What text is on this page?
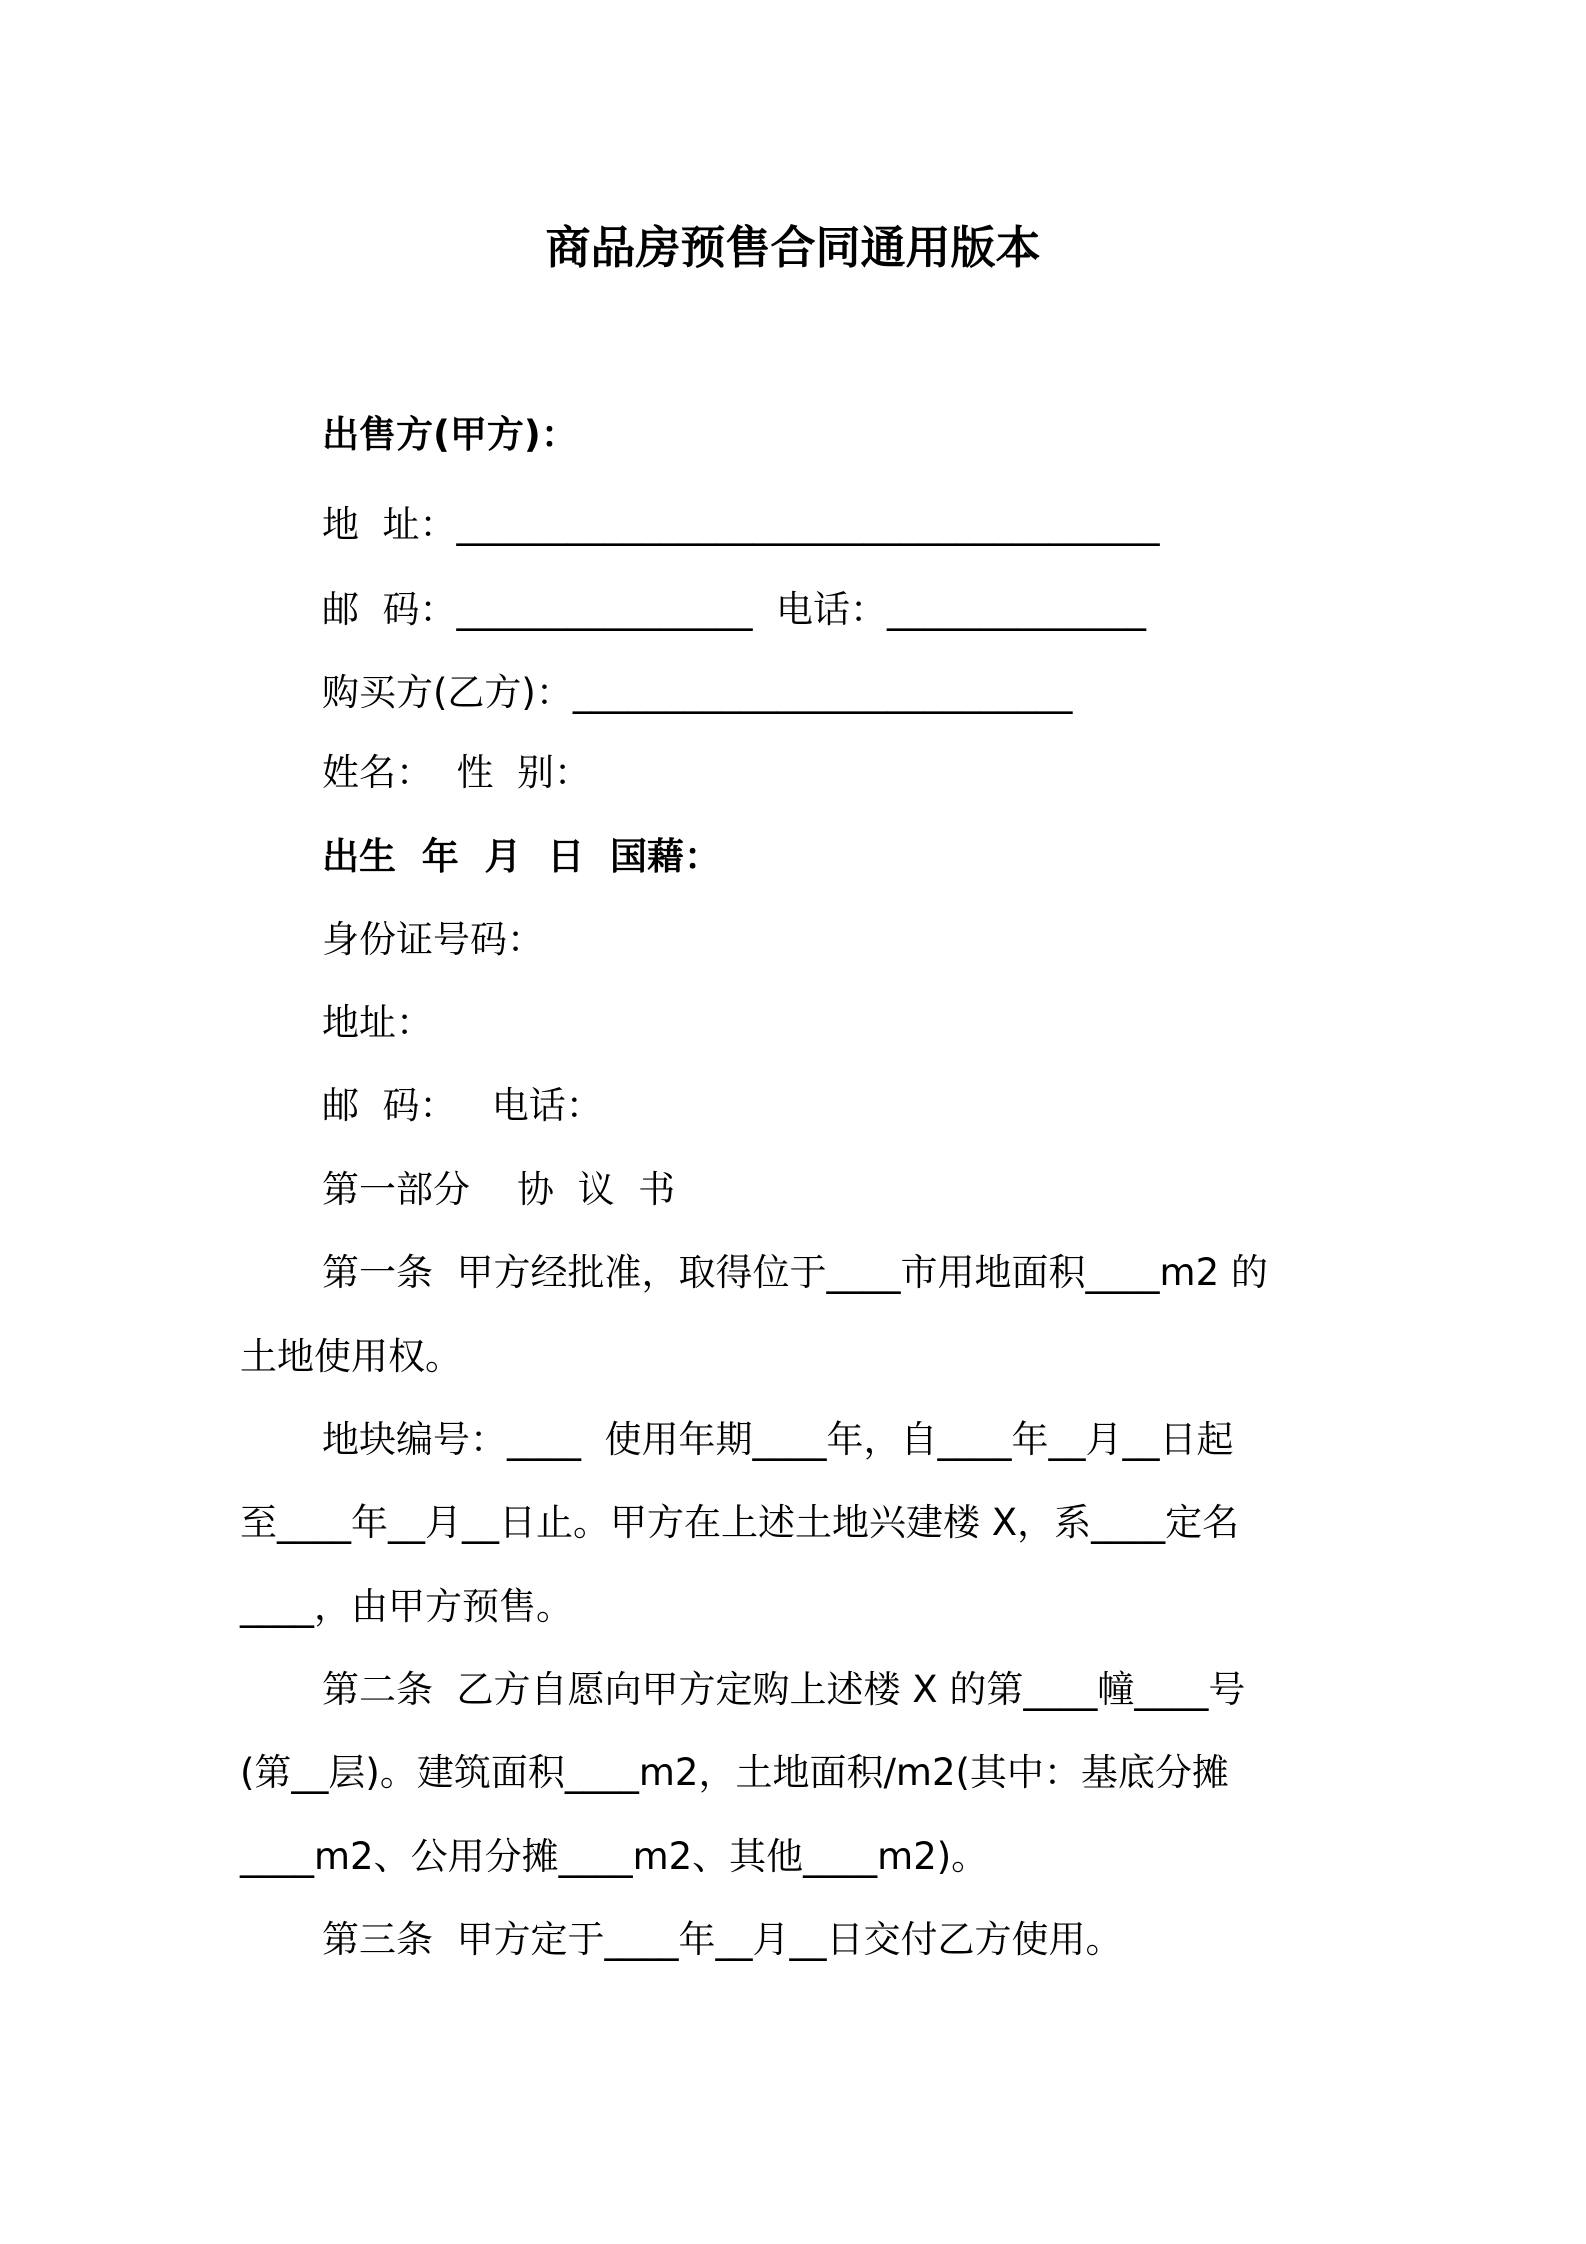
商品房预售合同通用版本
出售方(甲方)：
地  址：______________________________________
邮  码：________________  电话：______________
购买方(乙方)：___________________________
姓名：  性  别：
出生  年  月  日  国藉：
身份证号码：
地址：
邮  码：   电话：
第一部分    协  议  书
第一条  甲方经批准，取得位于____市用地面积____m2 的
土地使用权。
地块编号：____  使用年期____年，自____年__月__日起
至____年__月__日止。甲方在上述土地兴建楼 X，系____定名
____，由甲方预售。
第二条  乙方自愿向甲方定购上述楼 X 的第____幢____号
(第__层)。建筑面积____m2，土地面积/m2(其中：基底分摊
____m2、公用分摊____m2、其他____m2)。
第三条  甲方定于____年__月__日交付乙方使用。
